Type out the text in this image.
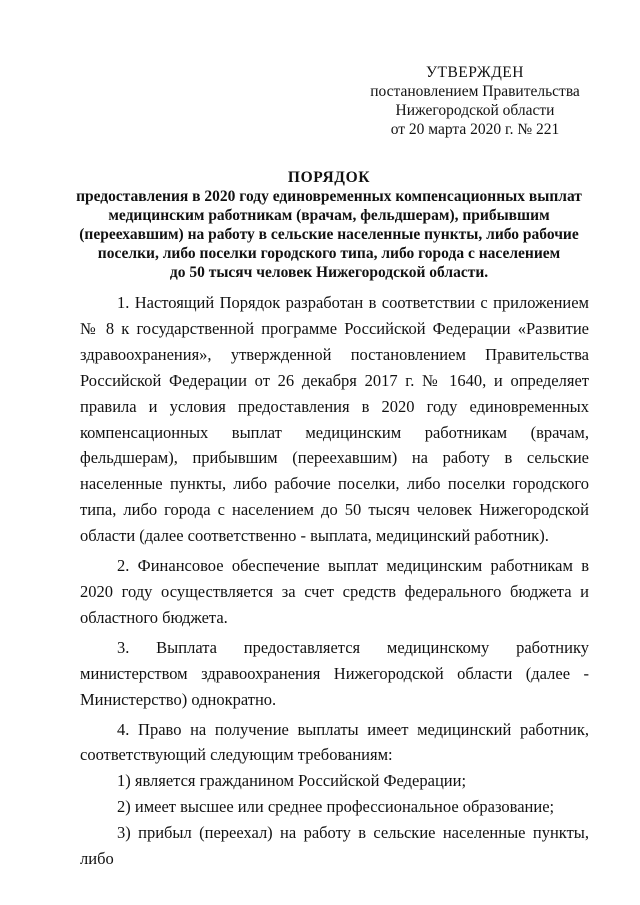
УТВЕРЖДЕН
постановлением Правительства
Нижегородской области
от 20 марта 2020 г. № 221
ПОРЯДОК
предоставления в 2020 году единовременных компенсационных выплат
медицинским работникам (врачам, фельдшерам), прибывшим
(переехавшим) на работу в сельские населенные пункты, либо рабочие
поселки, либо поселки городского типа, либо города с населением
до 50 тысяч человек Нижегородской области.

1. Настоящий Порядок разработан в соответствии с приложением № 8 к государственной программе Российской Федерации «Развитие здравоохранения», утвержденной постановлением Правительства Российской Федерации от 26 декабря 2017 г. № 1640, и определяет правила и условия предоставления в 2020 году единовременных компенсационных выплат медицинским работникам (врачам, фельдшерам), прибывшим (переехавшим) на работу в сельские населенные пункты, либо рабочие поселки, либо поселки городского типа, либо города с населением до 50 тысяч человек Нижегородской области (далее соответственно - выплата, медицинский работник).

2. Финансовое обеспечение выплат медицинским работникам в 2020 году осуществляется за счет средств федерального бюджета и областного бюджета.

3. Выплата предоставляется медицинскому работнику министерством здравоохранения Нижегородской области (далее - Министерство) однократно.

4. Право на получение выплаты имеет медицинский работник, соответствующий следующим требованиям:

1) является гражданином Российской Федерации;

2) имеет высшее или среднее профессиональное образование;

3) прибыл (переехал) на работу в сельские населенные пункты, либо
